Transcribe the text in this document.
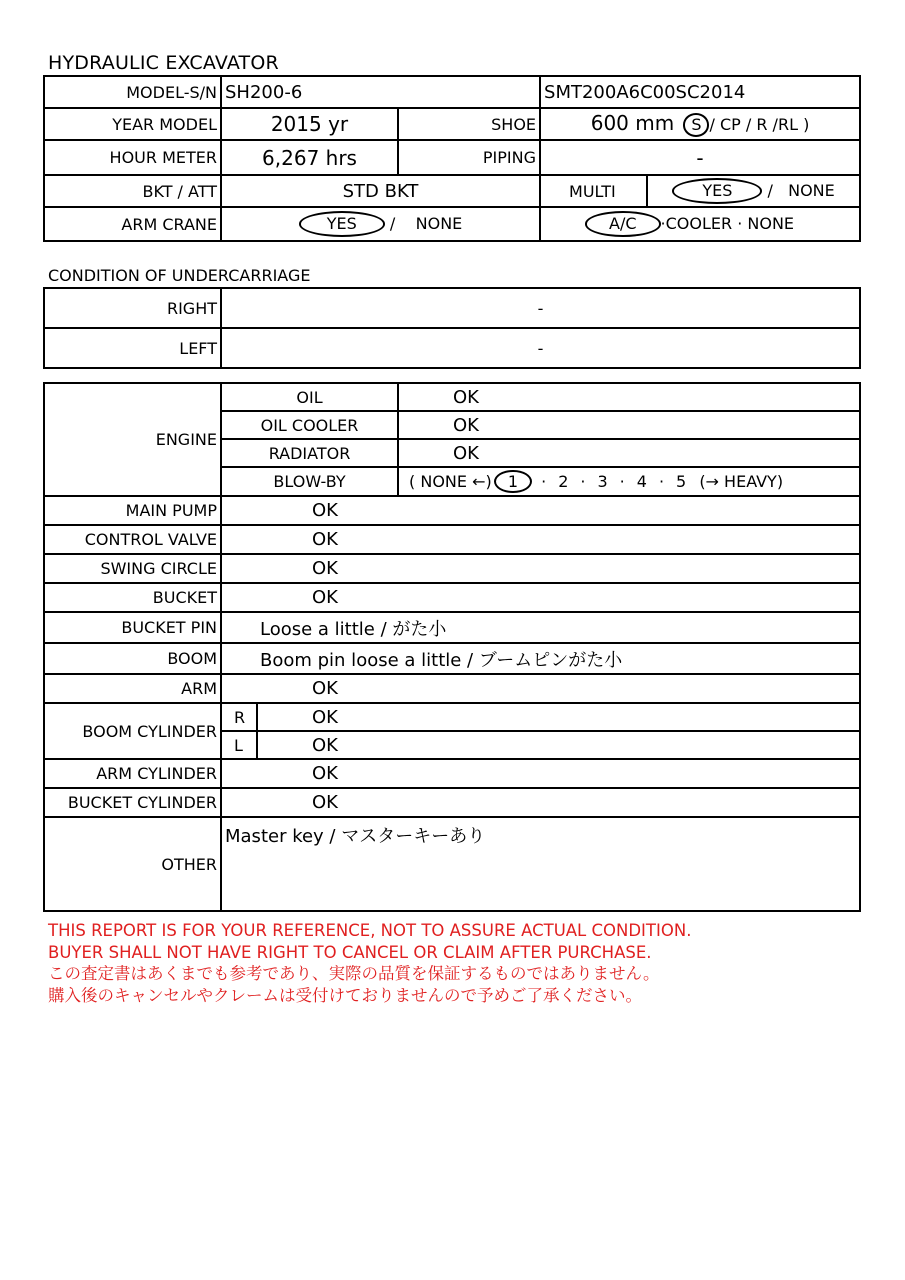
HYDRAULIC EXCAVATOR
MODEL-S/N	SH200-6		SMT200A6C00SC2014	
YEAR MODEL	2015 yr	SHOE	600 mm S / CP / R /RL )	
HOUR METER	6,267 hrs	PIPING	-	
BKT / ATT	STD BKT		MULTI	YES /   NONE
ARM CRANE	YES /    NONE		A/C ·COOLER · NONE	
CONDITION OF UNDERCARRIAGE
RIGHT	-
LEFT	-
ENGINE	OIL		OK
	OIL COOLER		OK
	RADIATOR		OK
	BLOW-BY		( NONE ←) 1 · 2 · 3 · 4 · 5 (→ HEAVY)
MAIN PUMP	OK		
CONTROL VALVE	OK		
SWING CIRCLE	OK		
BUCKET	OK		
BUCKET PIN	Loose a little / がた小		
BOOM	Boom pin loose a little / ブームピンがた小		
ARM	OK		
BOOM CYLINDER	R	OK	
	L	OK	
ARM CYLINDER	OK		
BUCKET CYLINDER	OK		
OTHER	Master key / マスターキーあり		
THIS REPORT IS FOR YOUR REFERENCE, NOT TO ASSURE ACTUAL CONDITION.
BUYER SHALL NOT HAVE RIGHT TO CANCEL OR CLAIM AFTER PURCHASE.
この査定書はあくまでも参考であり、実際の品質を保証するものではありません。
購入後のキャンセルやクレームは受付けておりませんので予めご了承ください。
